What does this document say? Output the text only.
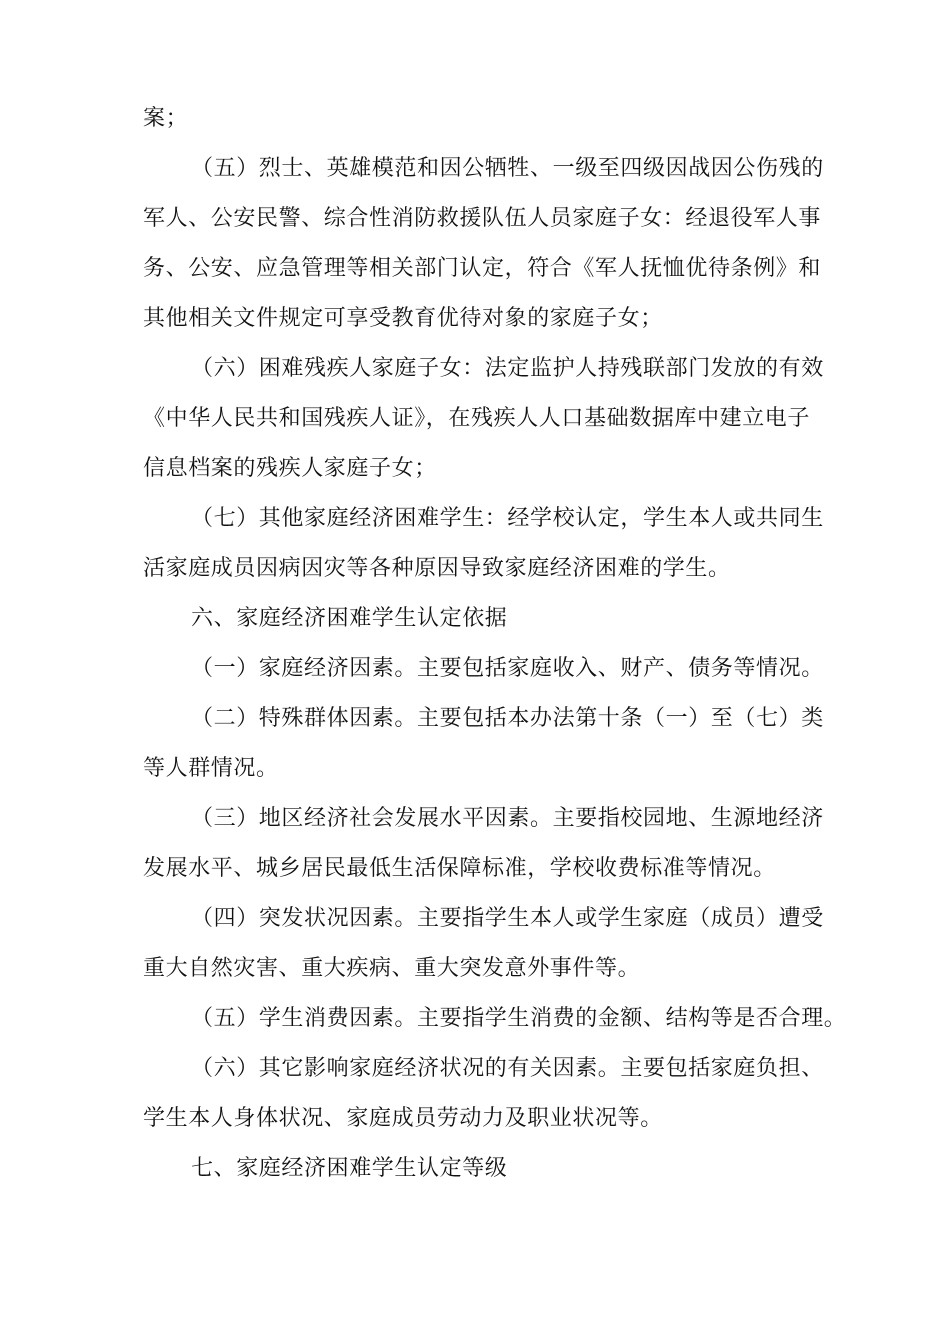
案；
（五）烈士、英雄模范和因公牺牲、一级至四级因战因公伤残的
军人、公安民警、综合性消防救援队伍人员家庭子女：经退役军人事
务、公安、应急管理等相关部门认定，符合《军人抚恤优待条例》和
其他相关文件规定可享受教育优待对象的家庭子女；
（六）困难残疾人家庭子女：法定监护人持残联部门发放的有效
《中华人民共和国残疾人证》，在残疾人人口基础数据库中建立电子
信息档案的残疾人家庭子女；
（七）其他家庭经济困难学生：经学校认定，学生本人或共同生
活家庭成员因病因灾等各种原因导致家庭经济困难的学生。
六、家庭经济困难学生认定依据
（一）家庭经济因素。主要包括家庭收入、财产、债务等情况。
（二）特殊群体因素。主要包括本办法第十条（一）至（七）类
等人群情况。
（三）地区经济社会发展水平因素。主要指校园地、生源地经济
发展水平、城乡居民最低生活保障标准，学校收费标准等情况。
（四）突发状况因素。主要指学生本人或学生家庭（成员）遭受
重大自然灾害、重大疾病、重大突发意外事件等。
（五）学生消费因素。主要指学生消费的金额、结构等是否合理。
（六）其它影响家庭经济状况的有关因素。主要包括家庭负担、
学生本人身体状况、家庭成员劳动力及职业状况等。
七、家庭经济困难学生认定等级
